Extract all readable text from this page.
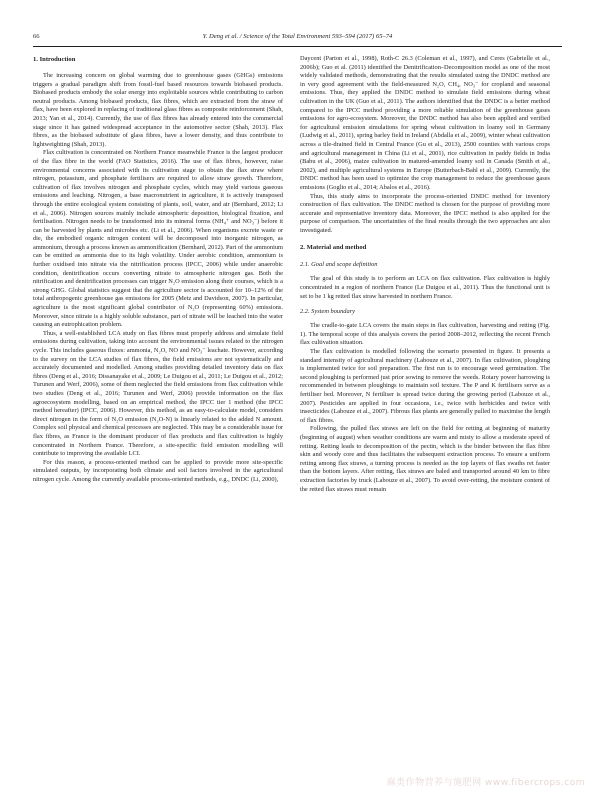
66	Y. Deng et al. / Science of the Total Environment 593–594 (2017) 65–74
1. Introduction

The increasing concern on global warming due to greenhouse gases (GHGs) emissions triggers a gradual paradigm shift from fossil-fuel based resources towards biobased products. Biobased products embody the solar energy into exploitable sources while contributing to carbon neutral products. Among biobased products, flax fibres, which are extracted from the straw of flax, have been explored in replacing of traditional glass fibres as composite reinforcement (Shah, 2013; Yan et al., 2014). Currently, the use of flax fibres has already entered into the commercial stage since it has gained widespread acceptance in the automotive sector (Shah, 2013). Flax fibres, as the biobased substitute of glass fibres, have a lower density, and thus contribute to lightweighting (Shah, 2013).

Flax cultivation is concentrated on Northern France meanwhile France is the largest producer of the flax fibre in the world (FAO Statistics, 2016). The use of flax fibres, however, raise environmental concerns associated with its cultivation stage to obtain the flax straw where nitrogen, potassium, and phosphate fertilisers are required to allow straw growth. Therefore, cultivation of flax involves nitrogen and phosphate cycles, which may yield various gaseous emissions and leaching. Nitrogen, a base macronutrient in agriculture, it is actively transposed through the entire ecological system consisting of plants, soil, water, and air (Bernhard, 2012; Li et al., 2006). Nitrogen sources mainly include atmospheric deposition, biological fixation, and fertilisation. Nitrogen needs to be transformed into its mineral forms (NH₄⁺ and NO₃⁻) before it can be harvested by plants and microbes etc. (Li et al., 2006). When organisms excrete waste or die, the embodied organic nitrogen content will be decomposed into inorganic nitrogen, as ammonium, through a process known as ammonification (Bernhard, 2012). Part of the ammonium can be emitted as ammonia due to its high volatility. Under aerobic condition, ammonium is further oxidised into nitrate via the nitrification process (IPCC, 2006) while under anaerobic condition, denitrification occurs converting nitrate to atmospheric nitrogen gas. Both the nitrification and denitrification processes can trigger N₂O emission along their courses, which is a strong GHG. Global statistics suggest that the agriculture sector is accounted for 10–12% of the total anthropogenic greenhouse gas emissions for 2005 (Metz and Davidson, 2007). In particular, agriculture is the most significant global contributor of N₂O (representing 60%) emissions. Moreover, since nitrate is a highly soluble substance, part of nitrate will be leached into the water causing an eutrophication problem.

Thus, a well-established LCA study on flax fibres must properly address and simulate field emissions during cultivation, taking into account the environmental issues related to the nitrogen cycle. This includes gaseous fluxes: ammonia, N₂O, NO and NO₃⁻ leachate. However, according to the survey on the LCA studies of flax fibres, the field emissions are not systematically and accurately documented and modelled. Among studies providing detailed inventory data on flax fibres (Deng et al., 2016; Dissanayake et al., 2009; Le Duigou et al., 2011; Le Duigou et al., 2012; Turunen and Werf, 2006), some of them neglected the field emissions from flax cultivation while two studies (Deng et al., 2016; Turunen and Werf, 2006) provide information on the flax agroecosystem modelling, based on an empirical method, the IPCC tier 1 method (the IPCC method hereafter) (IPCC, 2006). However, this method, as an easy-to-calculate model, considers direct nitrogen in the form of N₂O emission (N₂O-N) is linearly related to the added N amount. Complex soil physical and chemical processes are neglected. This may be a considerable issue for flax fibres, as France is the dominant producer of flax products and flax cultivation is highly concentrated in Northern France. Therefore, a site-specific field emission modelling will contribute to improving the available LCI.

For this reason, a process-oriented method can be applied to provide more site-specific simulated outputs, by incorporating both climate and soil factors involved in the agricultural nitrogen cycle. Among the currently available process-oriented methods, e.g., DNDC (Li, 2000),

Daycent (Parton et al., 1998), Roth-C 26.3 (Coleman et al., 1997), and Ceres (Gabrielle et al., 2006b); Guo et al. (2011) identified the Denitrification–Decomposition model as one of the most widely validated methods, demonstrating that the results simulated using the DNDC method are in very good agreement with the field-measured N₂O, CH₄, NO₃⁻ for cropland and seasonal emissions. Thus, they applied the DNDC method to simulate field emissions during wheat cultivation in the UK (Guo et al., 2011). The authors identified that the DNDC is a better method compared to the IPCC method providing a more reliable simulation of the greenhouse gases emissions for agro-ecosystem. Moreover, the DNDC method has also been applied and verified for agricultural emission simulations for spring wheat cultivation in loamy soil in Germany (Ludwig et al., 2011), spring barley field in Ireland (Abdalla et al., 2009), winter wheat cultivation across a tile-drained field in Central France (Gu et al., 2013), 2500 counties with various crops and agricultural management in China (Li et al., 2001), rice cultivation in paddy fields in India (Babu et al., 2006), maize cultivation in matured-amended loamy soil in Canada (Smith et al., 2002), and multiple agricultural systems in Europe (Butterbach-Bahl et al., 2009). Currently, the DNDC method has been used to optimize the crop management to reduce the greenhouse gases emissions (Goglio et al., 2014; Abalos et al., 2016).

Thus, this study aims to incorporate the process-oriented DNDC method for inventory construction of flax cultivation. The DNDC method is chosen for the purpose of providing more accurate and representative inventory data. Moreover, the IPCC method is also applied for the purpose of comparison. The uncertainties of the final results through the two approaches are also investigated.

2. Material and method
2.1. Goal and scope definition

The goal of this study is to perform an LCA on flax cultivation. Flax cultivation is highly concentrated in a region of northern France (Le Duigou et al., 2011). Thus the functional unit is set to be 1 kg retted flax straw harvested in northern France.

2.2. System boundary

The cradle-to-gate LCA covers the main steps in flax cultivation, harvesting and retting (Fig. 1). The temporal scope of this analysis covers the period 2008–2012, reflecting the recent French flax cultivation situation.

The flax cultivation is modelled following the scenario presented in figure. It presents a standard intensity of agricultural machinery (Labouze et al., 2007). In flax cultivation, ploughing is implemented twice for soil preparation. The first run is to encourage weed germination. The second ploughing is performed just prior sowing to remove the weeds. Rotary power harrowing is recommended in between ploughings to maintain soil texture. The P and K fertilisers serve as a fertiliser bed. Moreover, N fertiliser is spread twice during the growing period (Labouze et al., 2007). Pesticides are applied in four occasions, i.e., twice with herbicides and twice with insecticides (Labouze et al., 2007). Fibrous flax plants are generally pulled to maximise the length of flax fibres.

Following, the pulled flax straws are left on the field for retting at beginning of maturity (beginning of august) when weather conditions are warm and misty to allow a moderate speed of retting. Retting leads to decomposition of the pectin, which is the binder between the flax fibre skin and woody core and thus facilitates the subsequent extraction process. To ensure a uniform retting among flax straws, a turning process is needed as the top layers of flax swaths ret faster than the bottom layers. After retting, flax straws are baled and transported around 40 km to fibre extraction factories by truck (Labouze et al., 2007). To avoid over-retting, the moisture content of the retted flax straws must remain

麻类作物营养与施肥网 www.fibercrops.com
